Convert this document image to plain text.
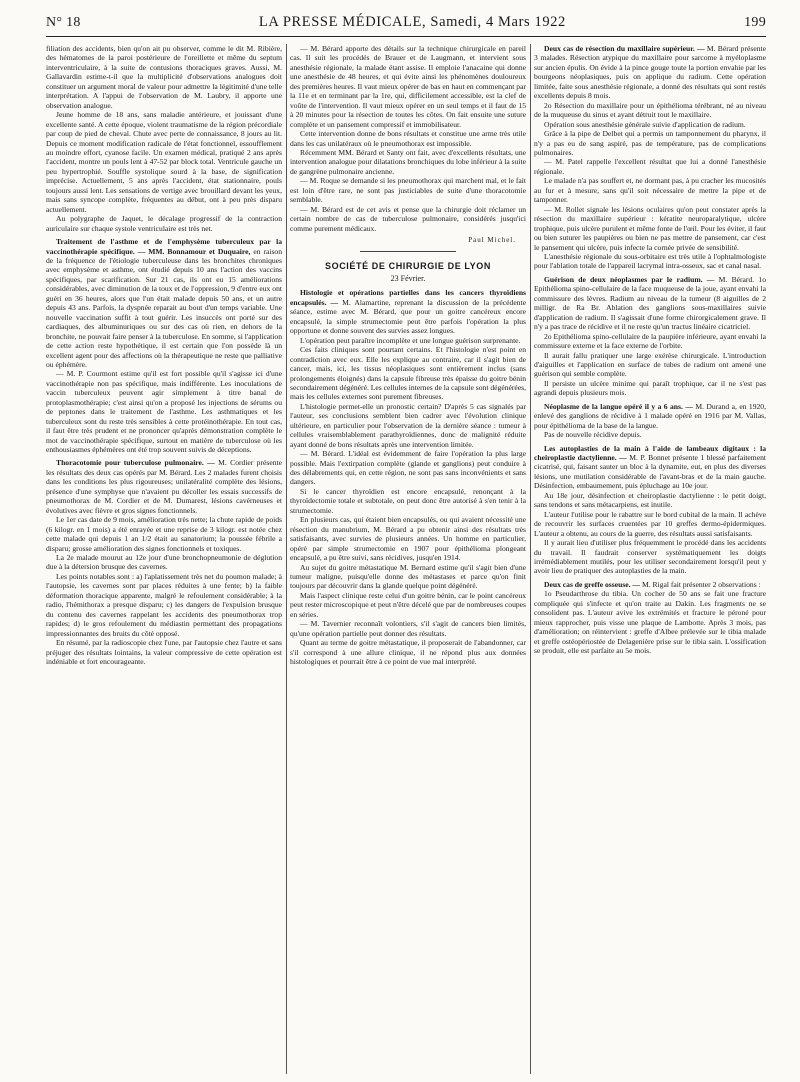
N° 18	LA PRESSE MÉDICALE, Samedi, 4 Mars 1922	199

filiation des accidents, bien qu'on ait pu observer, comme le dit M. Ribière, des hématomes de la paroi postérieure de l'oreillette et même du septum interventriculaire, à la suite de contusions thoraciques graves. Aussi, M. Gallavardin estime-t-il que la multiplicité d'observations analogues doit constituer un argument moral de valeur pour admettre la légitimité d'une telle interprétation. A l'appui de l'observation de M. Laubry, il apporte une observation analogue.

Jeune homme de 18 ans, sans maladie antérieure, et jouissant d'une excellente santé. A cette époque, violent traumatisme de la région précordiale par coup de pied de cheval. Chute avec perte de connaissance, 8 jours au lit. Depuis ce moment modification radicale de l'état fonctionnel, essoufflement au moindre effort, cyanose facile. Un examen médical, pratiqué 2 ans après l'accident, montre un pouls lent à 47-52 par block total. Ventricule gauche un peu hypertrophié. Souffle systolique sourd à la base, de signification imprécise. Actuellement, 5 ans après l'accident, état stationnaire, pouls toujours aussi lent. Les sensations de vertige avec brouillard devant les yeux, mais sans syncope complète, fréquentes au début, ont à peu près disparu actuellement.

Au polygraphe de Jaquet, le décalage progressif de la contraction auriculaire sur chaque systole ventriculaire est très net.

Traitement de l'asthme et de l'emphysème tuberculeux par la vaccinothérapie spécifique. — MM. Bonnamour et Duquaire, en raison de la fréquence de l'étiologie tuberculeuse dans les bronchites chroniques avec emphysème et asthme, ont étudié depuis 10 ans l'action des vaccins spécifiques, par scarification. Sur 21 cas, ils ont eu 15 améliorations considérables, avec diminution de la toux et de l'oppression, 9 d'entre eux ont guéri en 36 heures, alors que l'un était malade depuis 50 ans, et un autre depuis 43 ans. Parfois, la dyspnée reparait au bout d'un temps variable. Une nouvelle vaccination suffit à tout guérir. Les insuccès ont porté sur des cardiaques, des albuminuriques ou sur des cas où rien, en dehors de la bronchite, ne pouvait faire penser à la tuberculose. En somme, si l'application de cette action reste hypothétique, il est certain que l'on possède là un excellent agent pour des affections où la thérapeutique ne reste que palliative ou éphémère.

— M. P. Courmont estime qu'il est fort possible qu'il s'agisse ici d'une vaccinothérapie non pas spécifique, mais indifférente. Les inoculations de vaccin tuberculeux peuvent agir simplement à titre banal de protoplasmothérapie; c'est ainsi qu'on a proposé les injections de sérums ou de peptones dans le traitement de l'asthme. Les asthmatiques et les tuberculeux sont du reste très sensibles à cette protéinothérapie. En tout cas, il faut être très prudent et ne prononcer qu'après démonstration complète le mot de vaccinothérapie spécifique, surtout en matière de tuberculose où les enthousiasmes éphémères ont été trop souvent suivis de déceptions.

Thoracotomie pour tuberculose pulmonaire. — M. Cordier présente les résultats des deux cas opérés par M. Bérard. Les 2 malades furent choisis dans les conditions les plus rigoureuses; unilatéralité complète des lésions, présence d'une symphyse que n'avaient pu décoller les essais successifs de pneumothorax de M. Cordier et de M. Dumarest, lésions cavérneuses et évolutives avec fièvre et gros signes fonctionnels.

Le 1er cas date de 9 mois, amélioration très nette; la chute rapide de poids (6 kilogr. en 1 mois) a été enrayée et une reprise de 3 kilogr. est notée chez cette malade qui depuis 1 an 1/2 était au sanatorium; la poussée fébrile a disparu; grosse amélioration des signes fonctionnels et toxiques.

La 2e malade mourut au 12e jour d'une bronchopneumonie de déglution due à la détersion brusque des cavernes.

Les points notables sont : a) l'aplatissement très net du poumon malade; à l'autopsie, les cavernes sont par places réduites à une fente; b) la faible déformation thoracique apparente, malgré le refoulement considérable; à la radio, l'hémithorax a presque disparu; c) les dangers de l'expulsion brusque du contenu des cavernes rappelant les accidents des pneumothorax trop rapides; d) le gros refoulement du médiastin permettant des propagations impressionnantes des bruits du côté opposé.

En résumé, par la radioscopie chez l'une, par l'autopsie chez l'autre et sans préjuger des résultats lointains, la valeur compressive de cette opération est indéniable et fort encourageante.

— M. Bérard apporte des détails sur la technique chirurgicale en pareil cas. Il suit les procédés de Brauer et de Laugmann, et intervient sous anesthésie régionale, la malade étant assise. Il emploie l'anacaine qui donne une anesthésie de 48 heures, et qui évite ainsi les phénomènes douloureux des premières heures. Il vaut mieux opérer de bas en haut en commençant par la 11e et en terminant par la 1re, qui, difficilement accessible, est la clef de voûte de l'intervention. Il vaut mieux opérer en un seul temps et il faut de 15 à 20 minutes pour la résection de toutes les côtes. On fait ensuite une suture complète et un pansement compressif et immobilisateur.

Cette intervention donne de bons résultats et constitue une arme très utile dans les cas unilatéraux où le pneumothorax est impossible.

Récemment MM. Bérard et Santy ont fait, avec d'excellents résultats, une intervention analogue pour dilatations bronchiques du lobe inférieur à la suite de gangrène pulmonaire ancienne.

— M. Roque se demande si les pneumothorax qui marchent mal, et le fait est loin d'être rare, ne sont pas justiciables de suite d'une thoracotomie semblable.

— M. Bérard est de cet avis et pense que la chirurgie doit réclamer un certain nombre de cas de tuberculose pulmonaire, considérés jusqu'ici comme purement médicaux.

Paul Michel.
SOCIÉTÉ DE CHIRURGIE DE LYON
23 Février.

Histologie et opérations partielles dans les cancers thyroïdiens encapsulés. — M. Alamartine, reprenant la discussion de la précédente séance, estime avec M. Bérard, que pour un goitre cancéreux encore encapsulé, la simple strumectomie peut être parfois l'opération la plus opportune et donne souvent des survies assez longues.

L'opération peut paraître incomplète et une longue guérison surprenante.

Ces faits cliniques sont pourtant certains. Et l'histologie n'est point en contradiction avec eux. Elle les explique au contraire, car il s'agit bien de cancer, mais, ici, les tissus néoplasiques sont entièrement inclus (sans prolongements éloignés) dans la capsule fibreuse très épaisse du goitre bénin secondairement dégénéré. Les cellules internes de la capsule sont dégénérées, mais les cellules externes sont purement fibreuses.

L'histologie permet-elle un pronostic certain? D'après 5 cas signalés par l'auteur, ses conclusions semblent bien cadrer avec l'évolution clinique ultérieure, en particulier pour l'observation de la dernière séance : tumeur à cellules vraisemblablement parathyroïdiennes, donc de malignité réduite ayant donné de bons résultats après une intervention limitée.

— M. Bérard. L'idéal est évidemment de faire l'opération la plus large possible. Mais l'extirpation complète (glande et ganglions) peut conduire à des délabrements qui, en cette région, ne sont pas sans inconvénients et sans dangers.

Si le cancer thyroïdien est encore encapsulé, renonçant à la thyroïdectomie totale et subtotale, on peut donc être autorisé à s'en tenir à la strumectomie.

En plusieurs cas, qui étaient bien encapsulés, ou qui avaient nécessité une résection du manubrium, M. Bérard a pu obtenir ainsi des résultats très satisfaisants, avec survies de plusieurs années. Un homme en particulier, opéré par simple strumectomie en 1907 pour épithélioma plongeant encapsulé, a pu être suivi, sans récidives, jusqu'en 1914.

Au sujet du goitre métastatique M. Bernard estime qu'il s'agit bien d'une tumeur maligne, puisqu'elle donne des métastases et parce qu'on finit toujours par découvrir dans la glande quelque point dégénéré.

Mais l'aspect clinique reste celui d'un goitre bénin, car le point cancéreux peut rester microscopique et peut n'être décelé que par de nombreuses coupes en séries.

— M. Tavernier reconnaît volontiers, s'il s'agit de cancers bien limités, qu'une opération partielle peut donner des résultats.

Quant au terme de goitre métastatique, il proposerait de l'abandonner, car s'il correspond à une allure clinique, il ne répond plus aux données histologiques et pourrait être à ce point de vue mal interprété.

Deux cas de résection du maxillaire supérieur. — M. Bérard présente 3 malades. Résection atypique du maxillaire pour sarcome à myéloplasme sur ancien épulis. On évide à la pince gouge toute la portion envahie par les bourgeons néoplasiques, puis on applique du radium. Cette opération limitée, faite sous anesthésie régionale, a donné des résultats qui sont restés excellents depuis 8 mois.

2o Résection du maxillaire pour un épithélioma térébrant, né au niveau de la muqueuse du sinus et ayant détruit tout le maxillaire.

Opération sous anesthésie générale suivie d'application de radium.

Grâce à la pipe de Delbet qui a permis un tamponnement du pharynx, il n'y a pas eu de sang aspiré, pas de température, pas de complications pulmonaires.

— M. Patel rappelle l'excellent résultat que lui a donné l'anesthésie régionale.

Le malade n'a pas souffert et, ne dormant pas, à pu cracher les mucosités au fur et à mesure, sans qu'il soit nécessaire de mettre la pipe et de tamponner.

— M. Rollet signale les lésions oculaires qu'on peut constater après la résection du maxillaire supérieur : kératite neuroparalytique, ulcère trophique, puis ulcère purulent et même fonte de l'œil. Pour les éviter, il faut ou bien suturer les paupières ou bien ne pas mettre de pansement, car c'est le pansement qui ulcère, puis infecte la cornée privée de sensibilité.

L'anesthésie régionale du sous-orbitaire est très utile à l'ophtalmologiste pour l'ablation totale de l'appareil lacrymal intra-osseux, sac et canal nasal.

Guérison de deux néoplasmes par le radium. — M. Bérard. 1o Epithélioma spino-cellulaire de la face muqueuse de la joue, ayant envahi la commissure des lèvres. Radium au niveau de la tumeur (8 aiguilles de 2 milligr. de Ra Br. Ablation des ganglions sous-maxillaires suivie d'application de radium. Il s'agissait d'une forme chirorgicalement grave. Il n'y a pas trace de récidive et il ne reste qu'un tractus linéaire cicatriciel.

2o Epithélioma spino-cellulaire de la paupière inférieure, ayant envahi la commissure externe et la face externe de l'orbite.

Il aurait fallu pratiquer une large exérèse chirurgicale. L'introduction d'aiguilles et l'application en surface de tubes de radium ont amené une guérison qui semble complète.

Il persiste un ulcère minime qui paraît trophique, car il ne s'est pas agrandi depuis plusieurs mois.

Néoplasme de la langue opéré il y a 6 ans. — M. Durand a, en 1920, enlevé des ganglions de récidive à 1 malade opéré en 1916 par M. Vallas, pour épithélioma de la base de la langue.

Pas de nouvelle récidive depuis.

Les autoplasties de la main à l'aide de lambeaux digitaux : la cheiroplastie dactylienne. — M. P. Bonnet présente 1 blessé parfaitement cicatrisé, qui, faisant sauter un bloc à la dynamite, eut, en plus des diverses lésions, une mutilation considérable de l'avant-bras et de la main gauche. Désinfection, embaumement, puis épluchage au 10e jour.

Au 18e jour, désinfection et cheiroplastie dactylienne : le petit doigt, sans tendons et sans métacarpiens, est inutile.

L'auteur l'utilise pour le rabattre sur le bord cubital de la main. Il achève de recouvrir les surfaces cruentées par 10 greffes dermo-épidermiques. L'auteur a obtenu, au cours de la guerre, des résultats aussi satisfaisants.

Il y aurait lieu d'utiliser plus fréquemment le procédé dans les accidents du travail. Il faudrait conserver systématiquement les doigts irrémédiablement mutilés, pour les utiliser secondairement lorsqu'il peut y avoir lieu de pratiquer des autoplasties de la main.

Deux cas de greffe osseuse. — M. Rigal fait présenter 2 observations :

1o Pseudarthrose du tibia. Un cocher de 50 ans se fait une fracture compliquée qui s'infecte et qu'on traite au Dakin. Les fragments ne se consolident pas. L'auteur avive les extrémités et fracture le péroné pour mieux rapprocher, puis visse une plaque de Lambotte. Après 3 mois, pas d'amélioration; on réintervient : greffe d'Albee prélevée sur le tibia malade et greffe ostéopériostée de Delagenière prise sur le tibia sain. L'ossification se produit, elle est parfaite au 5e mois.
